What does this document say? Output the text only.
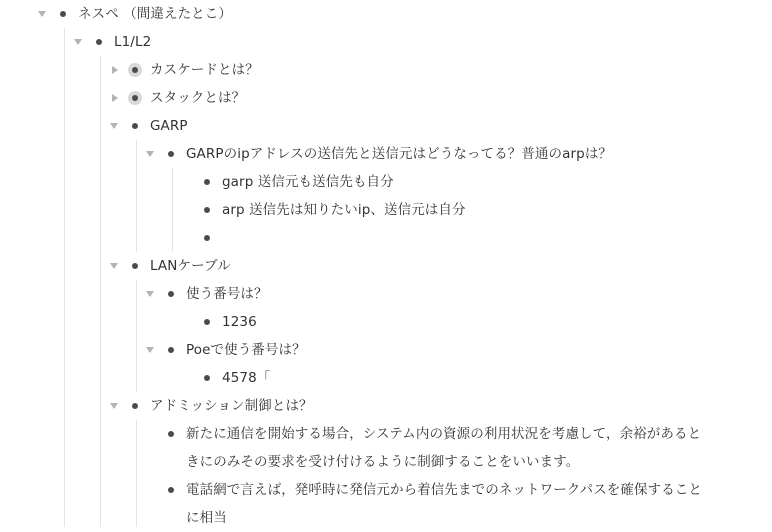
ネスペ （間違えたとこ）
L1/L2
カスケードとは？
スタックとは？
GARP
GARPのipアドレスの送信先と送信元はどうなってる？普通のarpは？
garp 送信元も送信先も自分
arp 送信先は知りたいip、送信元は自分
LANケーブル
使う番号は？
1236
Poeで使う番号は？
4578「
アドミッション制御とは？
新たに通信を開始する場合，システム内の資源の利用状況を考慮して，余裕があるときにのみその要求を受け付けるように制御することをいいます。
電話網で言えば，発呼時に発信元から着信先までのネットワークパスを確保することに相当
